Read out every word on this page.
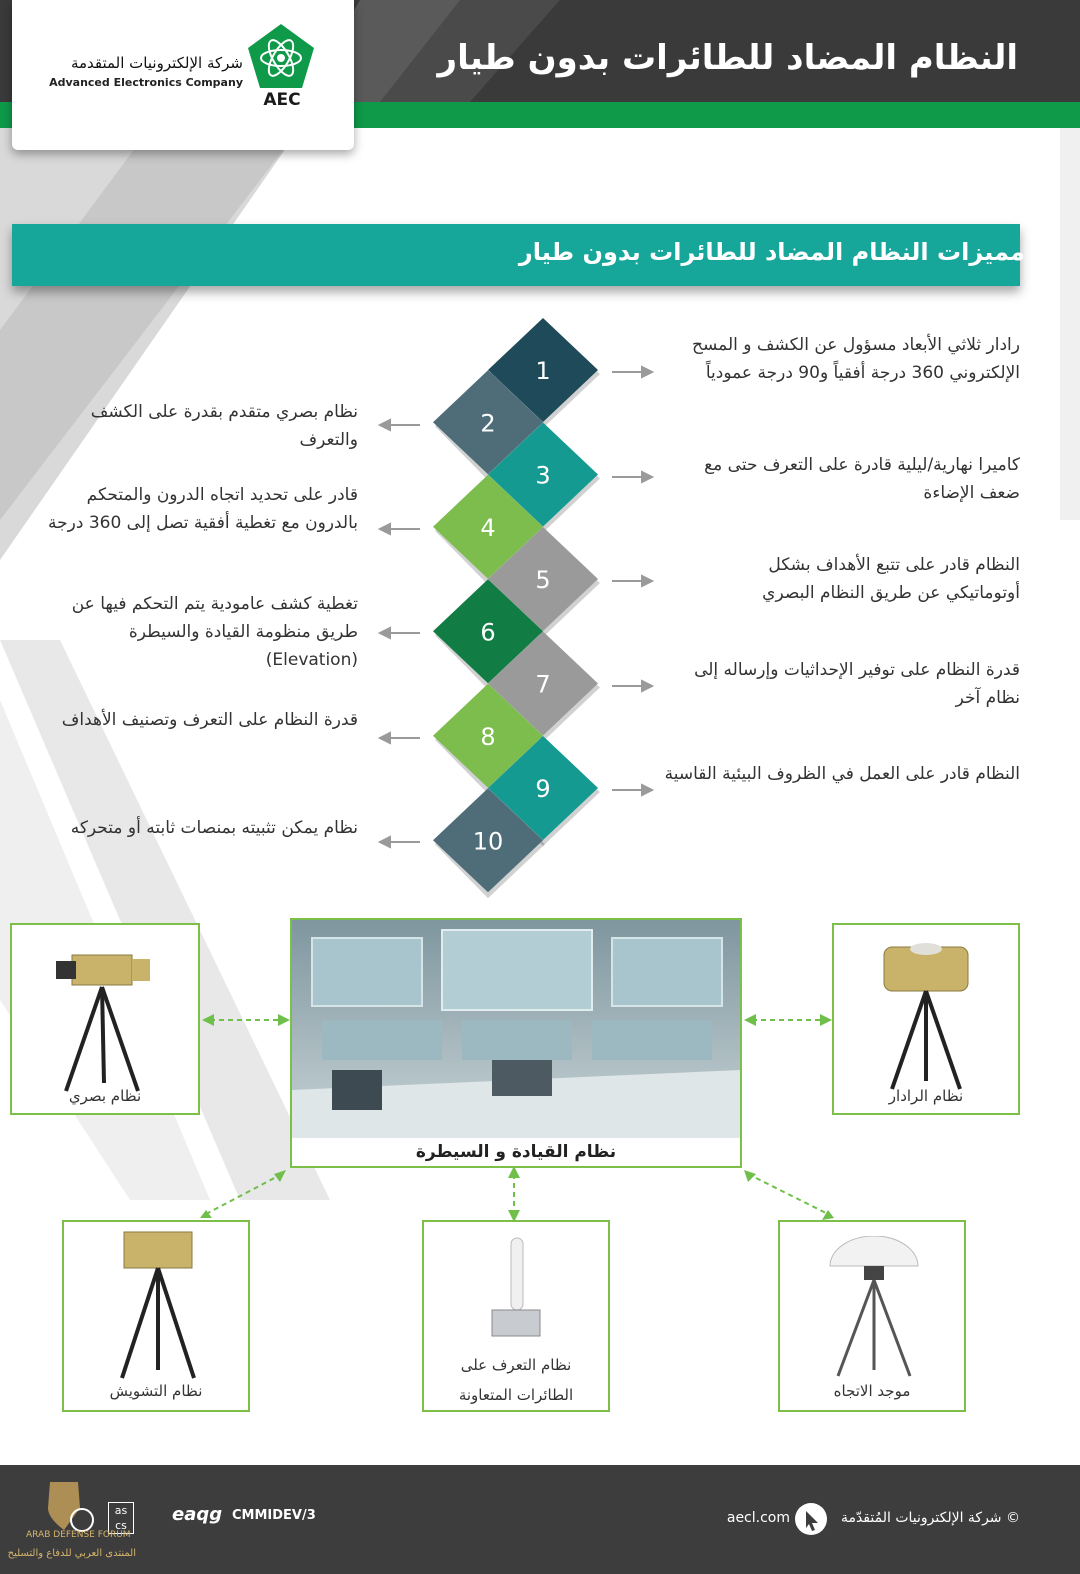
النظام المضاد للطائرات بدون طيار
AEC
شركة الإلكترونيات المتقدمة
Advanced Electronics Company
مميزات النظام المضاد للطائرات بدون طيار
1
2
3
4
5
6
7
8
9
10
رادار ثلاثي الأبعاد مسؤول عن الكشف و المسح الإلكتروني 360 درجة أفقياً و90 درجة عمودياً
نظام بصري متقدم بقدرة على الكشف والتعرف
كاميرا نهارية/ليلية قادرة على التعرف حتى مع ضعف الإضاءة
قادر على تحديد اتجاه الدرون والمتحكم بالدرون مع تغطية أفقية تصل إلى 360 درجة
النظام قادر على تتبع الأهداف بشكل أوتوماتيكي عن طريق النظام البصري
تغطية كشف عامودية يتم التحكم فيها عن طريق منظومة القيادة والسيطرة (Elevation)	قدرة النظام على توفير الإحداثيات وإرساله إلى نظام آخر
قدرة النظام على التعرف وتصنيف الأهداف
النظام قادر على العمل في الظروف البيئية القاسية
نظام يمكن تثبيته بمنصات ثابته أو متحركه
نظام القيادة و السيطرة
نظام بصري	نظام الرادار
نظام التشويش
نظام التعرف على
الطائرات المتعاونة	موجد الاتجاه
© شركة الإلكترونيات المُتقدّمة
aecl.com
CMMIDEV/3
eaqg
as cs
ARAB DEFENSE FORUM
المنتدى العربي للدفاع والتسليح
